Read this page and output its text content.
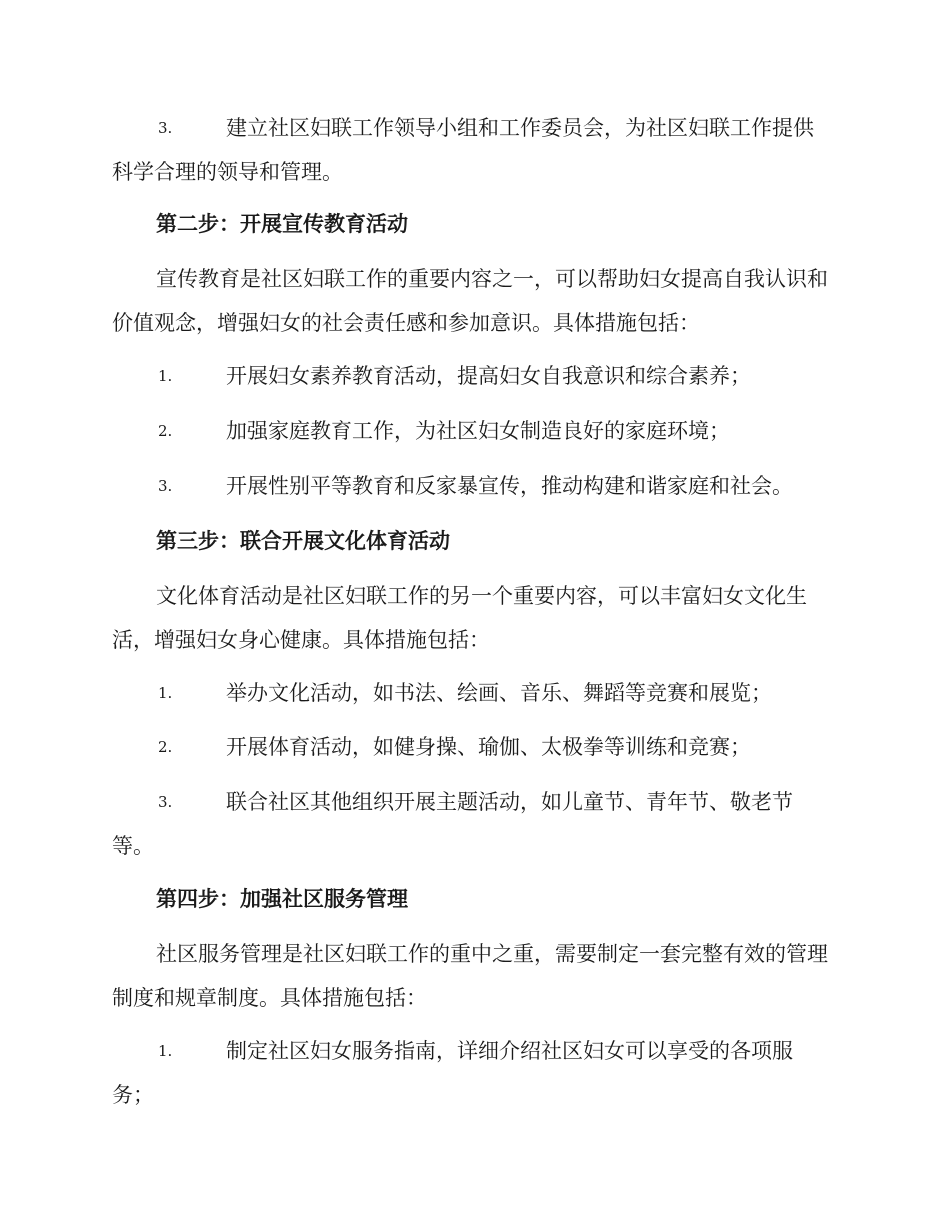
3.	建立社区妇联工作领导小组和工作委员会，为社区妇联工作提供科学合理的领导和管理。

第二步：开展宣传教育活动

宣传教育是社区妇联工作的重要内容之一，可以帮助妇女提高自我认识和价值观念，增强妇女的社会责任感和参加意识。具体措施包括：

1.	开展妇女素养教育活动，提高妇女自我意识和综合素养；
2.	加强家庭教育工作，为社区妇女制造良好的家庭环境；
3.	开展性别平等教育和反家暴宣传，推动构建和谐家庭和社会。

第三步：联合开展文化体育活动

文化体育活动是社区妇联工作的另一个重要内容，可以丰富妇女文化生活，增强妇女身心健康。具体措施包括：

1.	举办文化活动，如书法、绘画、音乐、舞蹈等竞赛和展览；
2.	开展体育活动，如健身操、瑜伽、太极拳等训练和竞赛；
3.	联合社区其他组织开展主题活动，如儿童节、青年节、敬老节等。

第四步：加强社区服务管理

社区服务管理是社区妇联工作的重中之重，需要制定一套完整有效的管理制度和规章制度。具体措施包括：

1.	制定社区妇女服务指南，详细介绍社区妇女可以享受的各项服务；
